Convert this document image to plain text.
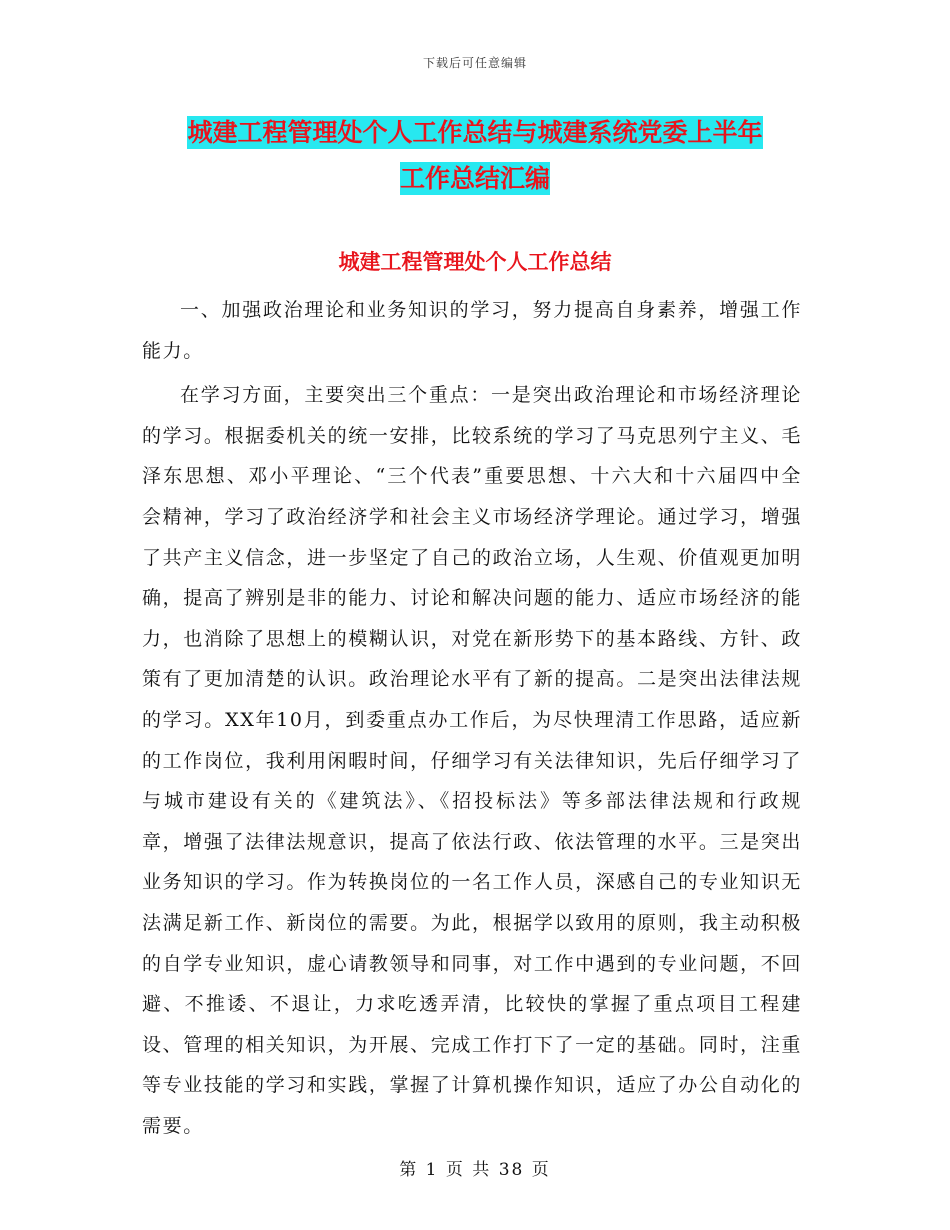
下载后可任意编辑
城建工程管理处个人工作总结与城建系统党委上半年
工作总结汇编
城建工程管理处个人工作总结

一、加强政治理论和业务知识的学习，努力提高自身素养，增强工作能力。

在学习方面，主要突出三个重点：一是突出政治理论和市场经济理论的学习。根据委机关的统一安排，比较系统的学习了马克思列宁主义、毛泽东思想、邓小平理论、“三个代表”重要思想、十六大和十六届四中全会精神，学习了政治经济学和社会主义市场经济学理论。通过学习，增强了共产主义信念，进一步坚定了自己的政治立场，人生观、价值观更加明确，提高了辨别是非的能力、讨论和解决问题的能力、适应市场经济的能力，也消除了思想上的模糊认识，对党在新形势下的基本路线、方针、政策有了更加清楚的认识。政治理论水平有了新的提高。二是突出法律法规的学习。XX年10月，到委重点办工作后，为尽快理清工作思路，适应新的工作岗位，我利用闲暇时间，仔细学习有关法律知识，先后仔细学习了与城市建设有关的《建筑法》、《招投标法》等多部法律法规和行政规章，增强了法律法规意识，提高了依法行政、依法管理的水平。三是突出业务知识的学习。作为转换岗位的一名工作人员，深感自己的专业知识无法满足新工作、新岗位的需要。为此，根据学以致用的原则，我主动积极的自学专业知识，虚心请教领导和同事，对工作中遇到的专业问题，不回避、不推诿、不退让，力求吃透弄清，比较快的掌握了重点项目工程建设、管理的相关知识，为开展、完成工作打下了一定的基础。同时，注重等专业技能的学习和实践，掌握了计算机操作知识，适应了办公自动化的需要。

第 1 页 共 38 页
